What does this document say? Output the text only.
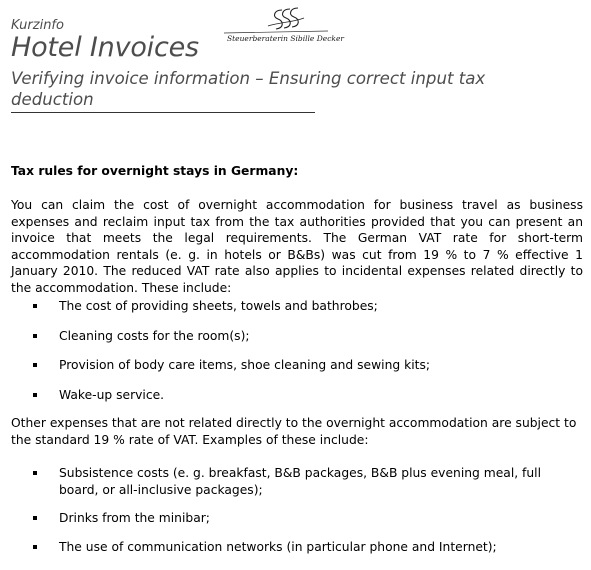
Kurzinfo
Steuerberaterin Sibille Decker
Hotel Invoices
Verifying invoice information – Ensuring correct input tax deduction
Tax rules for overnight stays in Germany:

You can claim the cost of overnight accommodation for business travel as business expenses and reclaim input tax from the tax authorities provided that you can present an invoice that meets the legal requirements. The German VAT rate for short-term accommodation rentals (e. g. in hotels or B&Bs) was cut from 19 % to 7 % effective 1 January 2010. The reduced VAT rate also applies to incidental expenses related directly to the accommodation. These include:

The cost of providing sheets, towels and bathrobes;
Cleaning costs for the room(s);
Provision of body care items, shoe cleaning and sewing kits;
Wake-up service.

Other expenses that are not related directly to the overnight accommodation are subject to the standard 19 % rate of VAT. Examples of these include:

Subsistence costs (e. g. breakfast, B&B packages, B&B plus evening meal, full board, or all-inclusive packages);
Drinks from the minibar;
The use of communication networks (in particular phone and Internet);
